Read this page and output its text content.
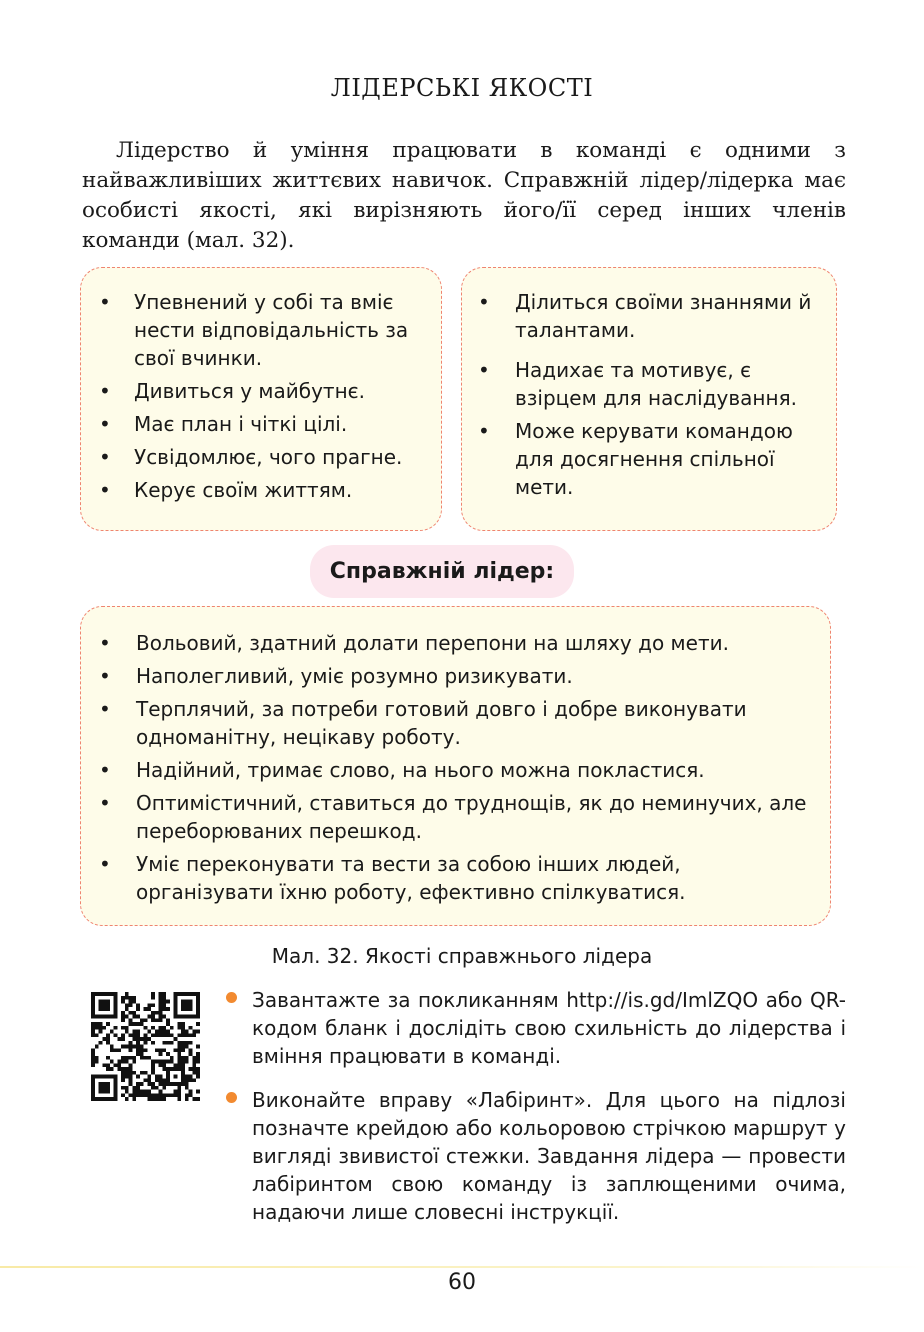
ЛІДЕРСЬКІ ЯКОСТІ

Лідерство й уміння працювати в команді є одними з найважливіших життєвих навичок. Справжній лідер/лідерка має особисті якості, які вирізняють його/її серед інших членів команди (мал. 32).

•	Упевнений у собі та вміє нести відповідальність за свої вчинки.
•	Дивиться у майбутнє.
•	Має план і чіткі цілі.
•	Усвідомлює, чого прагне.
•	Керує своїм життям.
•	Ділиться своїми знаннями й талантами.
•	Надихає та мотивує, є взірцем для наслідування.
•	Може керувати командою для досягнення спільної мети.
Справжній лідер:
•	Вольовий, здатний долати перепони на шляху до мети.
•	Наполегливий, уміє розумно ризикувати.
•	Терплячий, за потреби готовий довго і добре виконувати одноманітну, нецікаву роботу.
•	Надійний, тримає слово, на нього можна покластися.
•	Оптимістичний, ставиться до труднощів, як до неминучих, але переборюваних перешкод.
•	Уміє переконувати та вести за собою інших людей, організувати їхню роботу, ефективно спілкуватися.
Мал. 32. Якості справжнього лідера
Завантажте за покликанням http://is.gd/ImlZQO або QR-кодом бланк і дослідіть свою схильність до лідерства і вміння працювати в команді.
Виконайте вправу «Лабіринт». Для цього на підлозі позначте крейдою або кольоровою стрічкою маршрут у вигляді звивистої стежки. Завдання лідера — провести лабіринтом свою команду із заплющеними очима, надаючи лише словесні інструкції.
60
